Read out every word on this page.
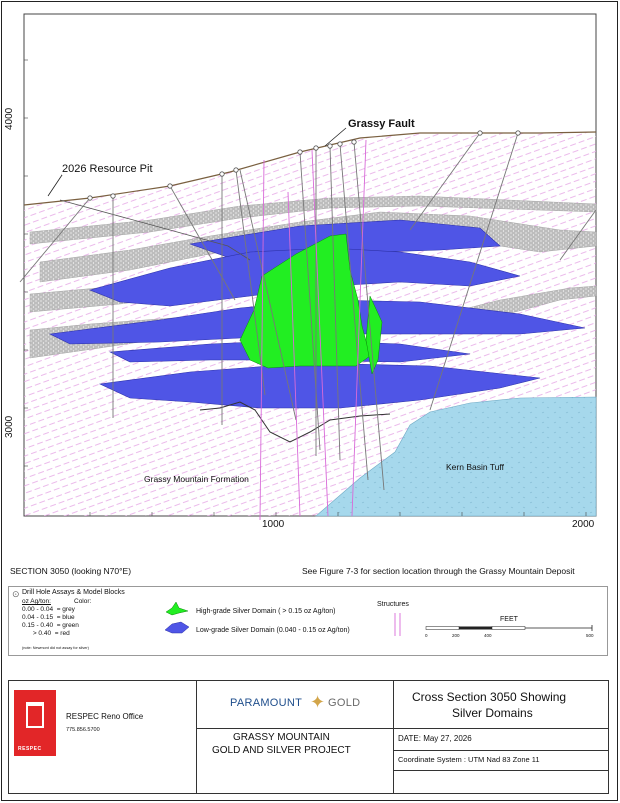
4000
3000
1000	2000
Grassy Fault
2026 Resource Pit
Grassy Mountain Formation
Kern Basin Tuff
SECTION 3050 (looking N70°E)	See Figure 7-3 for section location through the Grassy Mountain Deposit
⊙ Drill Hole Assays & Model Blocks
oz Ag/ton:	Color:
0.00 - 0.04  = grey
0.04 - 0.15  = blue
0.15 - 0.40  = green
> 0.40  = red
(note: Newmont did not assay for silver)
High-grade Silver Domain ( > 0.15 oz Ag/ton)
Low-grade Silver Domain (0.040 - 0.15 oz Ag/ton)
Structures
FEET
0	200	400	500
RESPEC
RESPEC Reno Office
775.856.5700
PARAMOUNT ✦ GOLD
GRASSY MOUNTAIN
GOLD AND SILVER PROJECT
Cross Section 3050 Showing
Silver Domains
DATE: May 27, 2026
Coordinate System : UTM Nad 83 Zone 11
